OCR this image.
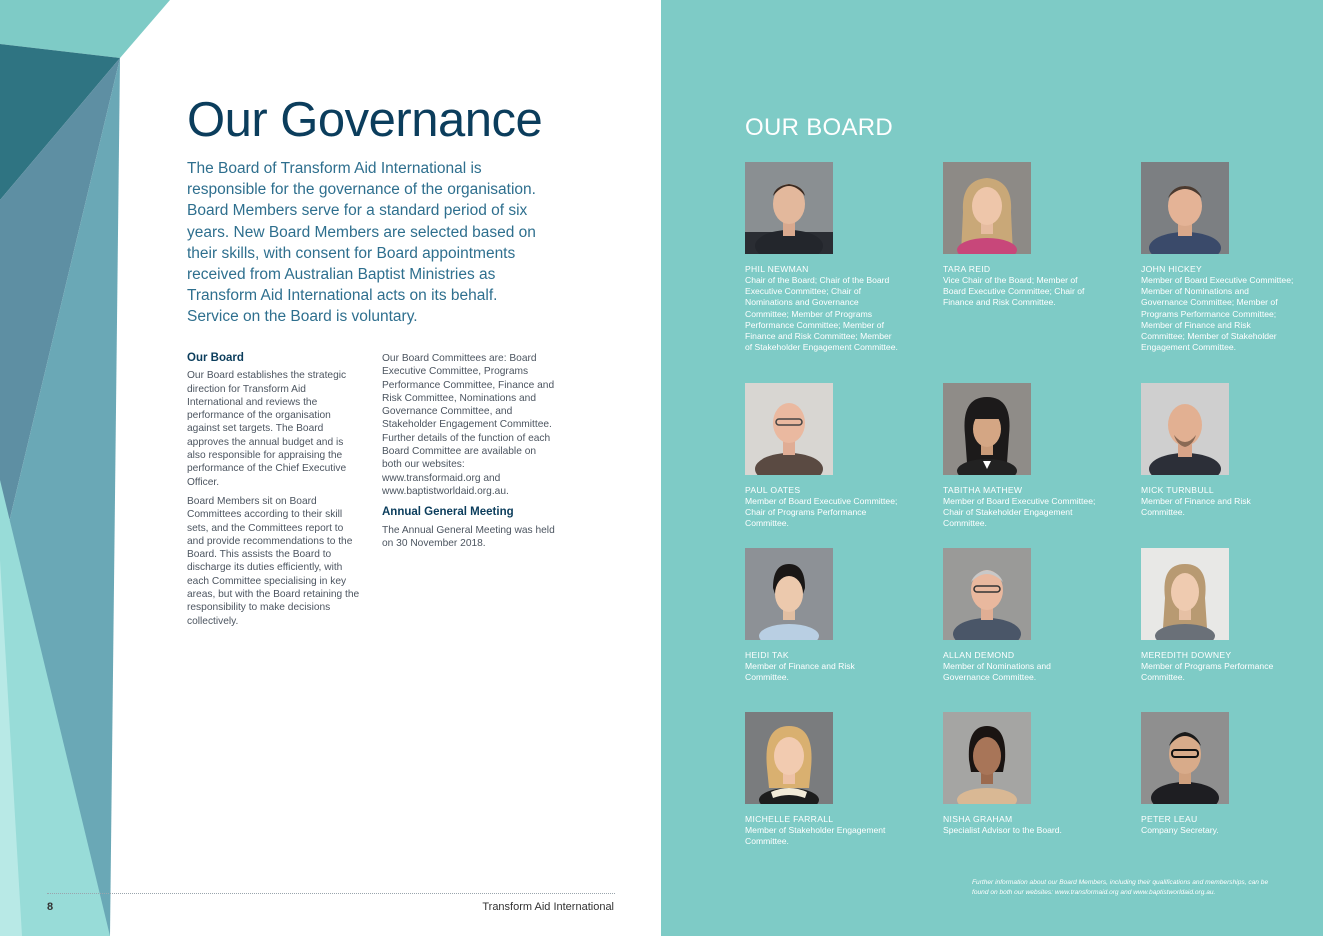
Our Governance
The Board of Transform Aid International is responsible for the governance of the organisation. Board Members serve for a standard period of six years. New Board Members are selected based on their skills, with consent for Board appointments received from Australian Baptist Ministries as Transform Aid International acts on its behalf. Service on the Board is voluntary.
Our Board

Our Board establishes the strategic direction for Transform Aid International and reviews the performance of the organisation against set targets. The Board approves the annual budget and is also responsible for appraising the performance of the Chief Executive Officer.

Board Members sit on Board Committees according to their skill sets, and the Committees report to and provide recommendations to the Board. This assists the Board to discharge its duties efficiently, with each Committee specialising in key areas, but with the Board retaining the responsibility to make decisions collectively.

Our Board Committees are: Board Executive Committee, Programs Performance Committee, Finance and Risk Committee, Nominations and Governance Committee, and Stakeholder Engagement Committee. Further details of the function of each Board Committee are available on both our websites: www.transformaid.org and www.baptistworldaid.org.au.

Annual General Meeting

The Annual General Meeting was held on 30 November 2018.

8	Transform Aid International
OUR BOARD
PHIL NEWMAN
Chair of the Board; Chair of the Board Executive Committee; Chair of Nominations and Governance Committee; Member of Programs Performance Committee; Member of Finance and Risk Committee; Member of Stakeholder Engagement Committee.
TARA REID
Vice Chair of the Board; Member of Board Executive Committee; Chair of Finance and Risk Committee.
JOHN HICKEY
Member of Board Executive Committee; Member of Nominations and Governance Committee; Member of Programs Performance Committee; Member of Finance and Risk Committee; Member of Stakeholder Engagement Committee.
PAUL OATES
Member of Board Executive Committee; Chair of Programs Performance Committee.
TABITHA MATHEW
Member of Board Executive Committee; Chair of Stakeholder Engagement Committee.
MICK TURNBULL
Member of Finance and Risk Committee.
HEIDI TAK
Member of Finance and Risk Committee.
ALLAN DEMOND
Member of Nominations and Governance Committee.
MEREDITH DOWNEY
Member of Programs Performance Committee.
MICHELLE FARRALL
Member of Stakeholder Engagement Committee.
NISHA GRAHAM
Specialist Advisor to the Board.
PETER LEAU
Company Secretary.
Further information about our Board Members, including their qualifications and memberships, can be found on both our websites: www.transformaid.org and www.baptistworldaid.org.au.
